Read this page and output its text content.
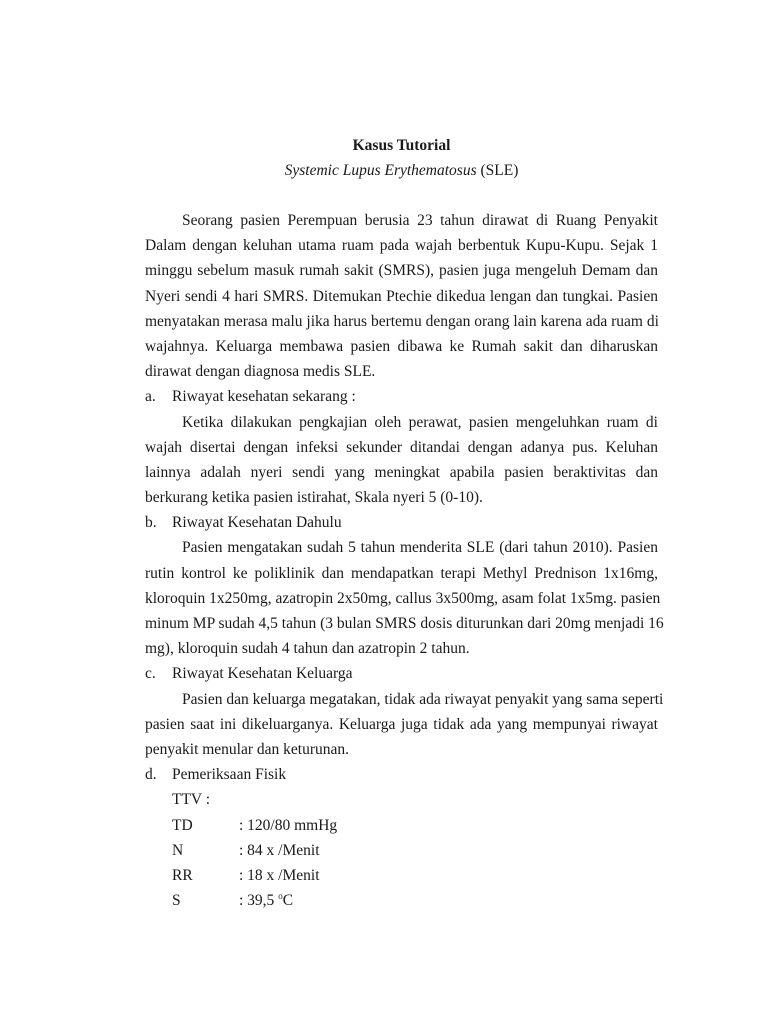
Kasus Tutorial
Systemic Lupus Erythematosus (SLE)
Seorang pasien Perempuan berusia 23 tahun dirawat di Ruang Penyakit
Dalam dengan keluhan utama ruam pada wajah berbentuk Kupu-Kupu. Sejak 1
minggu sebelum masuk rumah sakit (SMRS), pasien juga mengeluh Demam dan
Nyeri sendi 4 hari SMRS. Ditemukan Ptechie dikedua lengan dan tungkai. Pasien
menyatakan merasa malu jika harus bertemu dengan orang lain karena ada ruam di
wajahnya. Keluarga membawa pasien dibawa ke Rumah sakit dan diharuskan
dirawat dengan diagnosa medis SLE.
a. Riwayat kesehatan sekarang :
Ketika dilakukan pengkajian oleh perawat, pasien mengeluhkan ruam di
wajah disertai dengan infeksi sekunder ditandai dengan adanya pus. Keluhan
lainnya adalah nyeri sendi yang meningkat apabila pasien beraktivitas dan
berkurang ketika pasien istirahat, Skala nyeri 5 (0-10).
b. Riwayat Kesehatan Dahulu
Pasien mengatakan sudah 5 tahun menderita SLE (dari tahun 2010). Pasien
rutin kontrol ke poliklinik dan mendapatkan terapi Methyl Prednison 1x16mg,
kloroquin 1x250mg, azatropin 2x50mg, callus 3x500mg, asam folat 1x5mg. pasien
minum MP sudah 4,5 tahun (3 bulan SMRS dosis diturunkan dari 20mg menjadi 16
mg), kloroquin sudah 4 tahun dan azatropin 2 tahun.
c. Riwayat Kesehatan Keluarga
Pasien dan keluarga megatakan, tidak ada riwayat penyakit yang sama seperti
pasien saat ini dikeluarganya. Keluarga juga tidak ada yang mempunyai riwayat
penyakit menular dan keturunan.
d. Pemeriksaan Fisik
TTV :
TD	: 120/80 mmHg
N	: 84 x /Menit
RR	: 18 x /Menit
S	: 39,5 $^o$C
